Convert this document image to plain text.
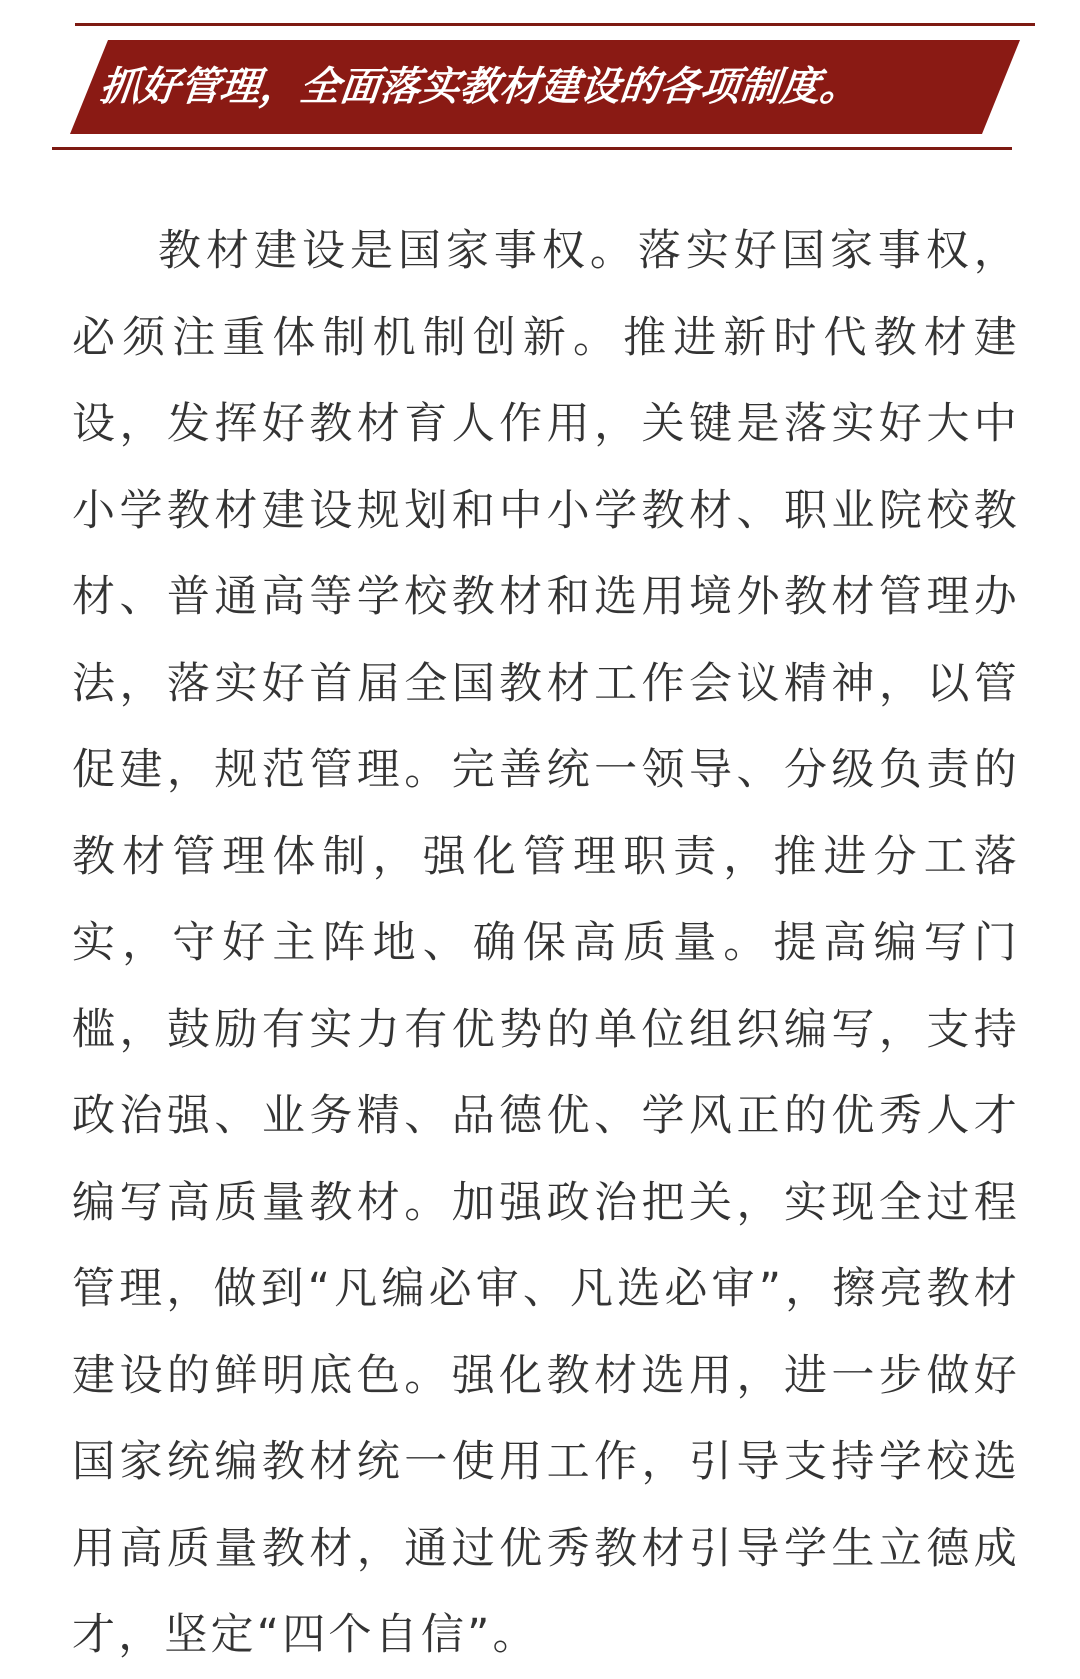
抓好管理，全面落实教材建设的各项制度。

教材建设是国家事权。落实好国家事权，必须注重体制机制创新。推进新时代教材建设，发挥好教材育人作用，关键是落实好大中小学教材建设规划和中小学教材、职业院校教材、普通高等学校教材和选用境外教材管理办法，落实好首届全国教材工作会议精神，以管促建，规范管理。完善统一领导、分级负责的教材管理体制，强化管理职责，推进分工落实，守好主阵地、确保高质量。提高编写门槛，鼓励有实力有优势的单位组织编写，支持政治强、业务精、品德优、学风正的优秀人才编写高质量教材。加强政治把关，实现全过程管理，做到“凡编必审、凡选必审”，擦亮教材建设的鲜明底色。强化教材选用，进一步做好国家统编教材统一使用工作，引导支持学校选用高质量教材，通过优秀教材引导学生立德成才，坚定“四个自信”。
